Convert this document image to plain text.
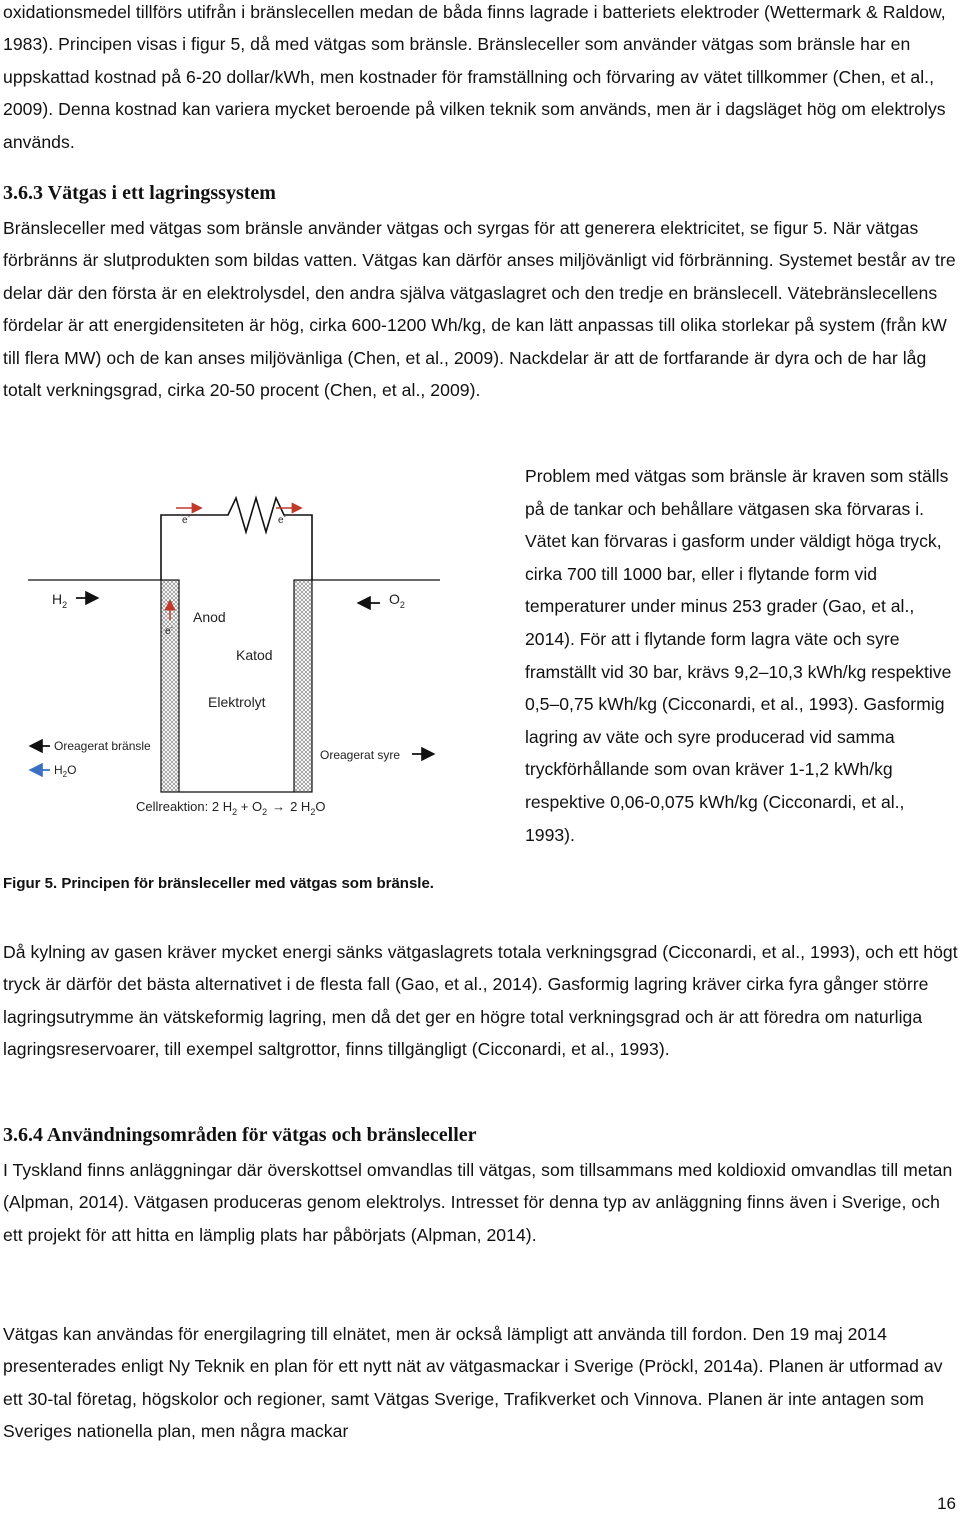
oxidationsmedel tillförs utifrån i bränslecellen medan de båda finns lagrade i batteriets elektroder (Wettermark & Raldow, 1983). Principen visas i figur 5, då med vätgas som bränsle. Bränsleceller som använder vätgas som bränsle har en uppskattad kostnad på 6-20 dollar/kWh, men kostnader för framställning och förvaring av vätet tillkommer (Chen, et al., 2009). Denna kostnad kan variera mycket beroende på vilken teknik som används, men är i dagsläget hög om elektrolys används.

3.6.3 Vätgas i ett lagringssystem

Bränsleceller med vätgas som bränsle använder vätgas och syrgas för att generera elektricitet, se figur 5. När vätgas förbränns är slutprodukten som bildas vatten. Vätgas kan därför anses miljövänligt vid förbränning. Systemet består av tre delar där den första är en elektrolysdel, den andra själva vätgaslagret och den tredje en bränslecell. Vätebränslecellens fördelar är att energidensiteten är hög, cirka 600-1200 Wh/kg, de kan lätt anpassas till olika storlekar på system (från kW till flera MW) och de kan anses miljövänliga (Chen, et al., 2009). Nackdelar är att de fortfarande är dyra och de har låg totalt verkningsgrad, cirka 20-50 procent (Chen, et al., 2009).

Problem med vätgas som bränsle är kraven som ställs på de tankar och behållare vätgasen ska förvaras i. Vätet kan förvaras i gasform under väldigt höga tryck, cirka 700 till 1000 bar, eller i flytande form vid temperaturer under minus 253 grader (Gao, et al., 2014). För att i flytande form lagra väte och syre framställt vid 30 bar, krävs 9,2–10,3 kWh/kg respektive 0,5–0,75 kWh/kg (Cicconardi, et al., 1993). Gasformig lagring av väte och syre producerad vid samma tryckförhållande som ovan kräver 1-1,2 kWh/kg respektive 0,06-0,075 kWh/kg (Cicconardi, et al., 1993).

e-	e-
e-
Anod
Katod
Elektrolyt
$H_2$	$O_2$
Oreagerat bränsle
$H_2O$
Oreagerat syre
Cellreaktion: 2 $H_2 + O_2 \to 2$ $H_2O$

Figur 5. Principen för bränsleceller med vätgas som bränsle.

Då kylning av gasen kräver mycket energi sänks vätgaslagrets totala verkningsgrad (Cicconardi, et al., 1993), och ett högt tryck är därför det bästa alternativet i de flesta fall (Gao, et al., 2014). Gasformig lagring kräver cirka fyra gånger större lagringsutrymme än vätskeformig lagring, men då det ger en högre total verkningsgrad och är att föredra om naturliga lagringsreservoarer, till exempel saltgrottor, finns tillgängligt (Cicconardi, et al., 1993).

3.6.4 Användningsområden för vätgas och bränsleceller

I Tyskland finns anläggningar där överskottsel omvandlas till vätgas, som tillsammans med koldioxid omvandlas till metan (Alpman, 2014). Vätgasen produceras genom elektrolys. Intresset för denna typ av anläggning finns även i Sverige, och ett projekt för att hitta en lämplig plats har påbörjats (Alpman, 2014).

Vätgas kan användas för energilagring till elnätet, men är också lämpligt att använda till fordon. Den 19 maj 2014 presenterades enligt Ny Teknik en plan för ett nytt nät av vätgasmackar i Sverige (Pröckl, 2014a). Planen är utformad av ett 30-tal företag, högskolor och regioner, samt Vätgas Sverige, Trafikverket och Vinnova. Planen är inte antagen som Sveriges nationella plan, men några mackar

16
